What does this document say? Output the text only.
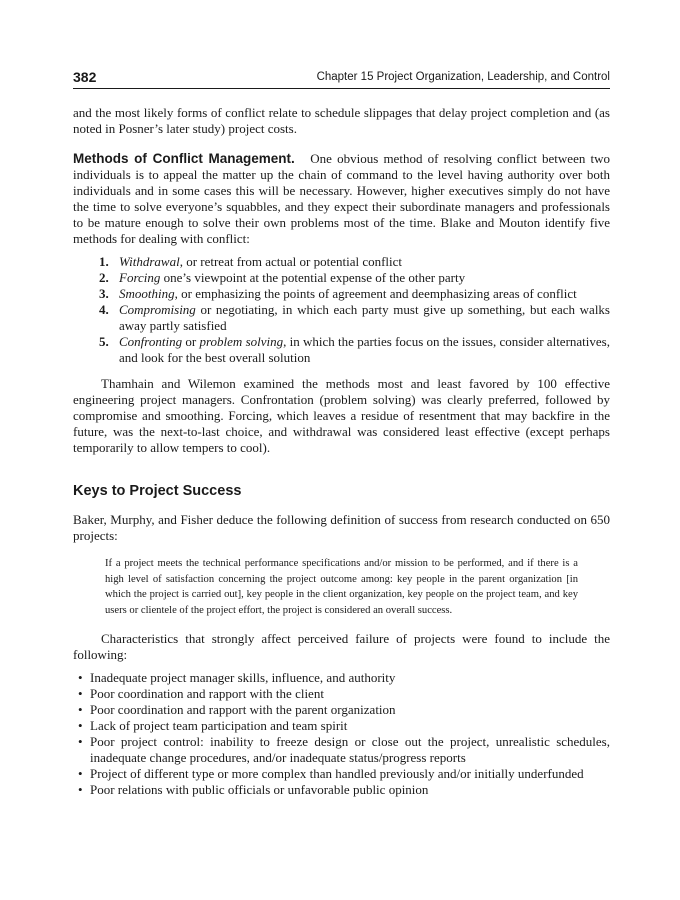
382	Chapter 15 Project Organization, Leadership, and Control

and the most likely forms of conflict relate to schedule slippages that delay project completion and (as noted in Posner’s later study) project costs.

Methods of Conflict Management. One obvious method of resolving conflict between two individuals is to appeal the matter up the chain of command to the level having authority over both individuals and in some cases this will be necessary. However, higher executives simply do not have the time to solve everyone’s squabbles, and they expect their subordinate managers and professionals to be mature enough to solve their own problems most of the time. Blake and Mouton identify five methods for dealing with conflict:

1. Withdrawal, or retreat from actual or potential conflict
2. Forcing one’s viewpoint at the potential expense of the other party
3. Smoothing, or emphasizing the points of agreement and deemphasizing areas of conflict
4. Compromising or negotiating, in which each party must give up something, but each walks away partly satisfied
5. Confronting or problem solving, in which the parties focus on the issues, consider alternatives, and look for the best overall solution

Thamhain and Wilemon examined the methods most and least favored by 100 effective engineering project managers. Confrontation (problem solving) was clearly preferred, followed by compromise and smoothing. Forcing, which leaves a residue of resentment that may backfire in the future, was the next-to-last choice, and withdrawal was considered least effective (except perhaps temporarily to allow tempers to cool).

Keys to Project Success

Baker, Murphy, and Fisher deduce the following definition of success from research conducted on 650 projects:

If a project meets the technical performance specifications and/or mission to be performed, and if there is a high level of satisfaction concerning the project outcome among: key people in the parent organization [in which the project is carried out], key people in the client organization, key people on the project team, and key users or clientele of the project effort, the project is considered an overall success.

Characteristics that strongly affect perceived failure of projects were found to include the following:

• Inadequate project manager skills, influence, and authority
• Poor coordination and rapport with the client
• Poor coordination and rapport with the parent organization
• Lack of project team participation and team spirit
• Poor project control: inability to freeze design or close out the project, unrealistic schedules, inadequate change procedures, and/or inadequate status/progress reports
• Project of different type or more complex than handled previously and/or initially underfunded
• Poor relations with public officials or unfavorable public opinion
